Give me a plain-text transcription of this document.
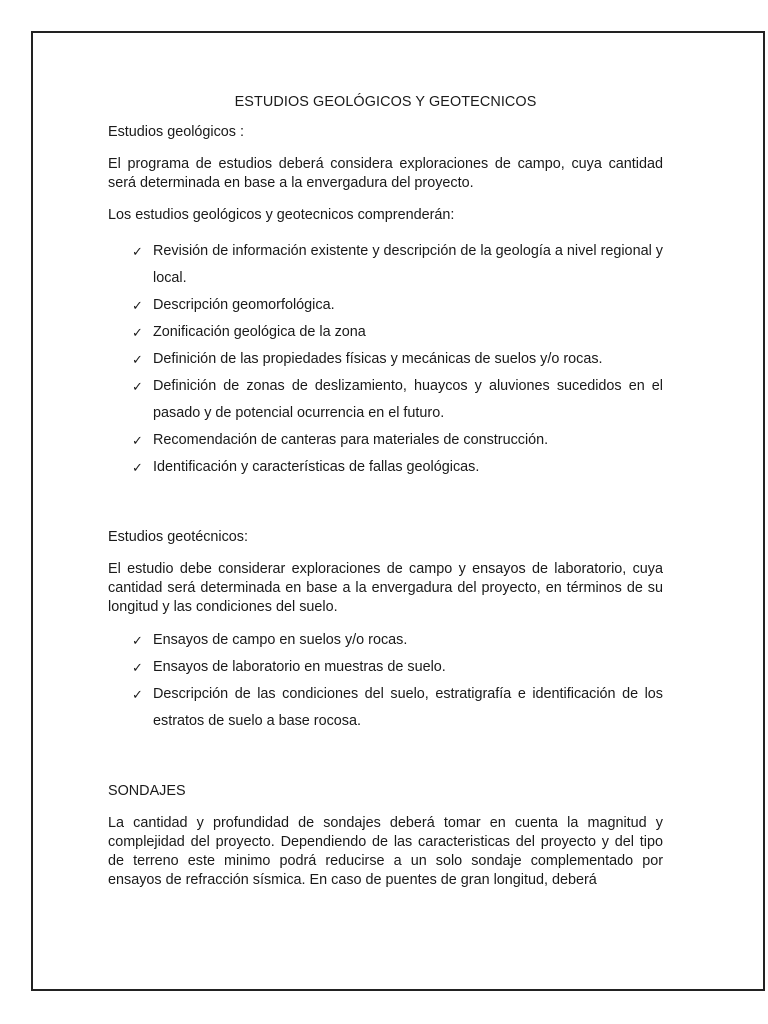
ESTUDIOS GEOLÓGICOS Y GEOTECNICOS

Estudios geológicos :

El programa de estudios deberá considera exploraciones de campo, cuya cantidad será determinada en base a la envergadura del proyecto.

Los estudios geológicos y geotecnicos comprenderán:

✓ Revisión de información existente y descripción de la geología a nivel regional y local.
✓ Descripción geomorfológica.
✓ Zonificación geológica de la zona
✓ Definición de las propiedades físicas y mecánicas de suelos y/o rocas.
✓ Definición de zonas de deslizamiento, huaycos y aluviones sucedidos en el pasado y de potencial ocurrencia en el futuro.
✓ Recomendación de canteras para materiales de construcción.
✓ Identificación y características de fallas geológicas.

Estudios geotécnicos:

El estudio debe considerar exploraciones de campo y ensayos de laboratorio, cuya cantidad será determinada en base a la envergadura del proyecto, en términos de su longitud y las condiciones del suelo.

✓ Ensayos de campo en suelos y/o rocas.
✓ Ensayos de laboratorio en muestras de suelo.
✓ Descripción de las condiciones del suelo, estratigrafía e identificación de los estratos de suelo a base rocosa.

SONDAJES

La cantidad y profundidad de sondajes deberá tomar en cuenta la magnitud y complejidad del proyecto. Dependiendo de las caracteristicas del proyecto y del tipo de terreno este minimo podrá reducirse a un solo sondaje complementado por ensayos de refracción sísmica. En caso de puentes de gran longitud, deberá
